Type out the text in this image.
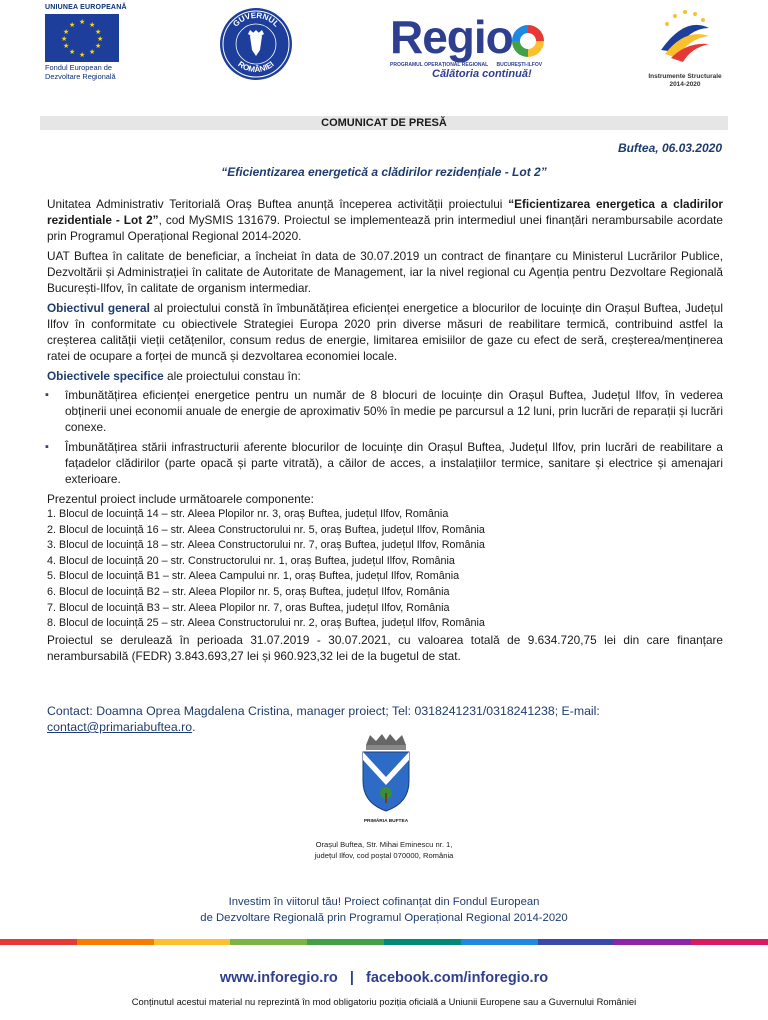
UNIUNEA EUROPEANĂ
★ ★
★
★
★
★
★
★
★
★
★
★
Fondul European de
Dezvoltare Regională
GUVERNUL
ROMÂNIEI
Regio
PROGRAMUL OPERAȚIONAL REGIONAL BUCUREȘTI-ILFOV
Călătoria continuă!	Instrumente Structurale
2014-2020
COMUNICAT DE PRESĂ
Buftea, 06.03.2020
“Eficientizarea energetică a clădirilor rezidențiale - Lot 2”

Unitatea Administrativ Teritorială Oraș Buftea anunță începerea activității proiectului “Eficientizarea energetica a cladirilor rezidentiale - Lot 2”, cod MySMIS 131679. Proiectul se implementează prin intermediul unei finanțări nerambursabile acordate prin Programul Operațional Regional 2014-2020.

UAT Buftea în calitate de beneficiar, a încheiat în data de 30.07.2019 un contract de finanțare cu Ministerul Lucrărilor Publice, Dezvoltării și Administrației în calitate de Autoritate de Management, iar la nivel regional cu Agenția pentru Dezvoltare Regională București-Ilfov, în calitate de organism intermediar.

Obiectivul general al proiectului constă în îmbunătățirea eficienței energetice a blocurilor de locuințe din Orașul Buftea, Județul Ilfov în conformitate cu obiectivele Strategiei Europa 2020 prin diverse măsuri de reabilitare termică, contribuind astfel la creșterea calității vieții cetățenilor, consum redus de energie, limitarea emisiilor de gaze cu efect de seră, creșterea/menținerea ratei de ocupare a forței de muncă și dezvoltarea economiei locale.

Obiectivele specifice ale proiectului constau în:

▪ îmbunătățirea eficienței energetice pentru un număr de 8 blocuri de locuințe din Orașul Buftea, Județul Ilfov, în vederea obținerii unei economii anuale de energie de aproximativ 50% în medie pe parcursul a 12 luni, prin lucrări de reparații și lucrări conexe.
▪ Îmbunătățirea stării infrastructurii aferente blocurilor de locuințe din Orașul Buftea, Județul Ilfov, prin lucrări de reabilitare a fațadelor clădirilor (parte opacă și parte vitrată), a căilor de acces, a instalațiilor termice, sanitare și electrice și amenajari exterioare.
Prezentul proiect include următoarele componente:
1. Blocul de locuință 14 – str. Aleea Plopilor nr. 3, oraș Buftea, județul Ilfov, România
2. Blocul de locuință 16 – str. Aleea Constructorului nr. 5, oraș Buftea, județul Ilfov, România
3. Blocul de locuință 18 – str. Aleea Constructorului nr. 7, oraș Buftea, județul Ilfov, România
4. Blocul de locuință 20 – str. Constructorului nr. 1, oraș Buftea, județul Ilfov, România
5. Blocul de locuință B1 – str. Aleea Campului nr. 1, oraș Buftea, județul Ilfov, România
6. Blocul de locuință B2 – str. Aleea Plopilor nr. 5, oraș Buftea, județul Ilfov, România
7. Blocul de locuință B3 – str. Aleea Plopilor nr. 7, oras Buftea, județul Ilfov, România
8. Blocul de locuință 25 – str. Aleea Constructorului nr. 2, oraș Buftea, județul Ilfov, România

Proiectul se derulează în perioada 31.07.2019 - 30.07.2021, cu valoarea totală de 9.634.720,75 lei din care finanțare nerambursabilă (FEDR) 3.843.693,27 lei și 960.923,32 lei de la bugetul de stat.

Contact: Doamna Oprea Magdalena Cristina, manager proiect; Tel: 0318241231/0318241238; E-mail: contact@primariabuftea.ro.
PRIMĂRIA BUFTEA
Orașul Buftea, Str. Mihai Eminescu nr. 1,
județul Ilfov, cod poștal 070000, România
Investim în viitorul tău! Proiect cofinanțat din Fondul European
de Dezvoltare Regională prin Programul Operațional Regional 2014-2020
www.inforegio.ro   |   facebook.com/inforegio.ro
Conținutul acestui material nu reprezintă în mod obligatoriu poziția oficială a Uniunii Europene sau a Guvernului României
